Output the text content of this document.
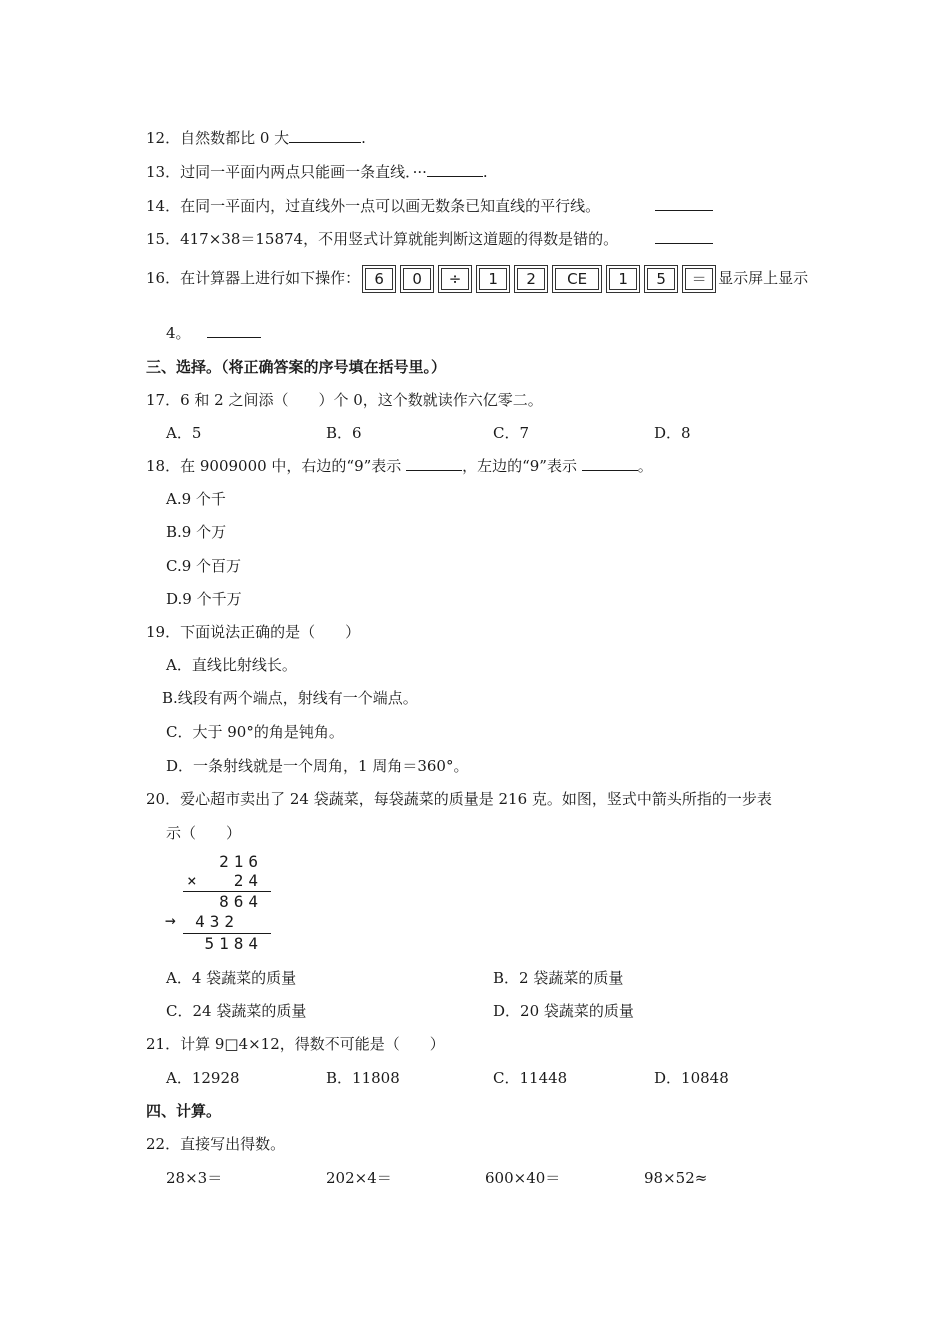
12．自然数都比 0 大	.
13．过同一平面内两点只能画一条直线．···	.
14．在同一平面内，过直线外一点可以画无数条已知直线的平行线。
15．417×38＝15874，不用竖式计算就能判断这道题的得数是错的。
16．在计算器上进行如下操作： 6	0	÷	1	2	CE	1	5	＝ 显示屏上显示
4。
三、选择。（将正确答案的序号填在括号里。）
17．6 和 2 之间添（　　）个 0，这个数就读作六亿零二。
A．5	B．6	C．7	D．8
18．在 9009000 中，右边的“9”表示	，左边的“9”表示	。
A.9 个千
B.9 个万
C.9 个百万
D.9 个千万
19．下面说法正确的是（　　）
A．直线比射线长。
B.线段有两个端点，射线有一个端点。
C．大于 90°的角是钝角。
D．一条射线就是一个周角，1 周角＝360°。
20．爱心超市卖出了 24 袋蔬菜，每袋蔬菜的质量是 216 克。如图，竖式中箭头所指的一步表
示（　　）
216
× 24
864
→ 432
5184
A．4 袋蔬菜的质量	B．2 袋蔬菜的质量
C．24 袋蔬菜的质量	D．20 袋蔬菜的质量
21．计算 9□4×12，得数不可能是（　　）
A．12928	B．11808	C．11448	D．10848
四、计算。
22．直接写出得数。
28×3＝	202×4＝	600×40＝	98×52≈
